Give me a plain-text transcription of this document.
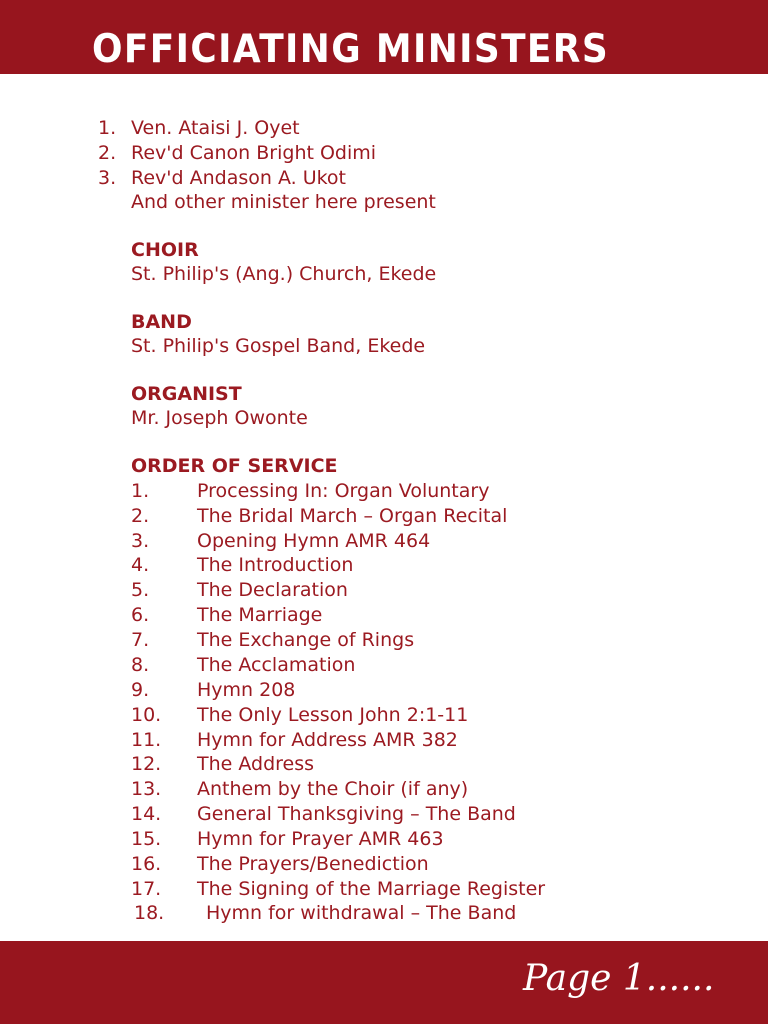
OFFICIATING MINISTERS
1. Ven. Ataisi J. Oyet
2. Rev'd Canon Bright Odimi
3. Rev'd Andason A. Ukot
And other minister here present
CHOIR
St. Philip's (Ang.) Church, Ekede
BAND
St. Philip's Gospel Band, Ekede
ORGANIST
Mr. Joseph Owonte
ORDER OF SERVICE
1.	Processing In: Organ Voluntary
2.	The Bridal March – Organ Recital
3.	Opening Hymn AMR 464
4.	The Introduction
5.	The Declaration
6.	The Marriage
7.	The Exchange of Rings
8.	The Acclamation
9.	Hymn 208
10. The Only Lesson John 2:1-11
11. Hymn for Address AMR 382
12. The Address
13. Anthem by the Choir (if any)
14. General Thanksgiving – The Band
15. Hymn for Prayer AMR 463
16. The Prayers/Benediction
17. The Signing of the Marriage Register
18. Hymn for withdrawal – The Band
Page 1......
